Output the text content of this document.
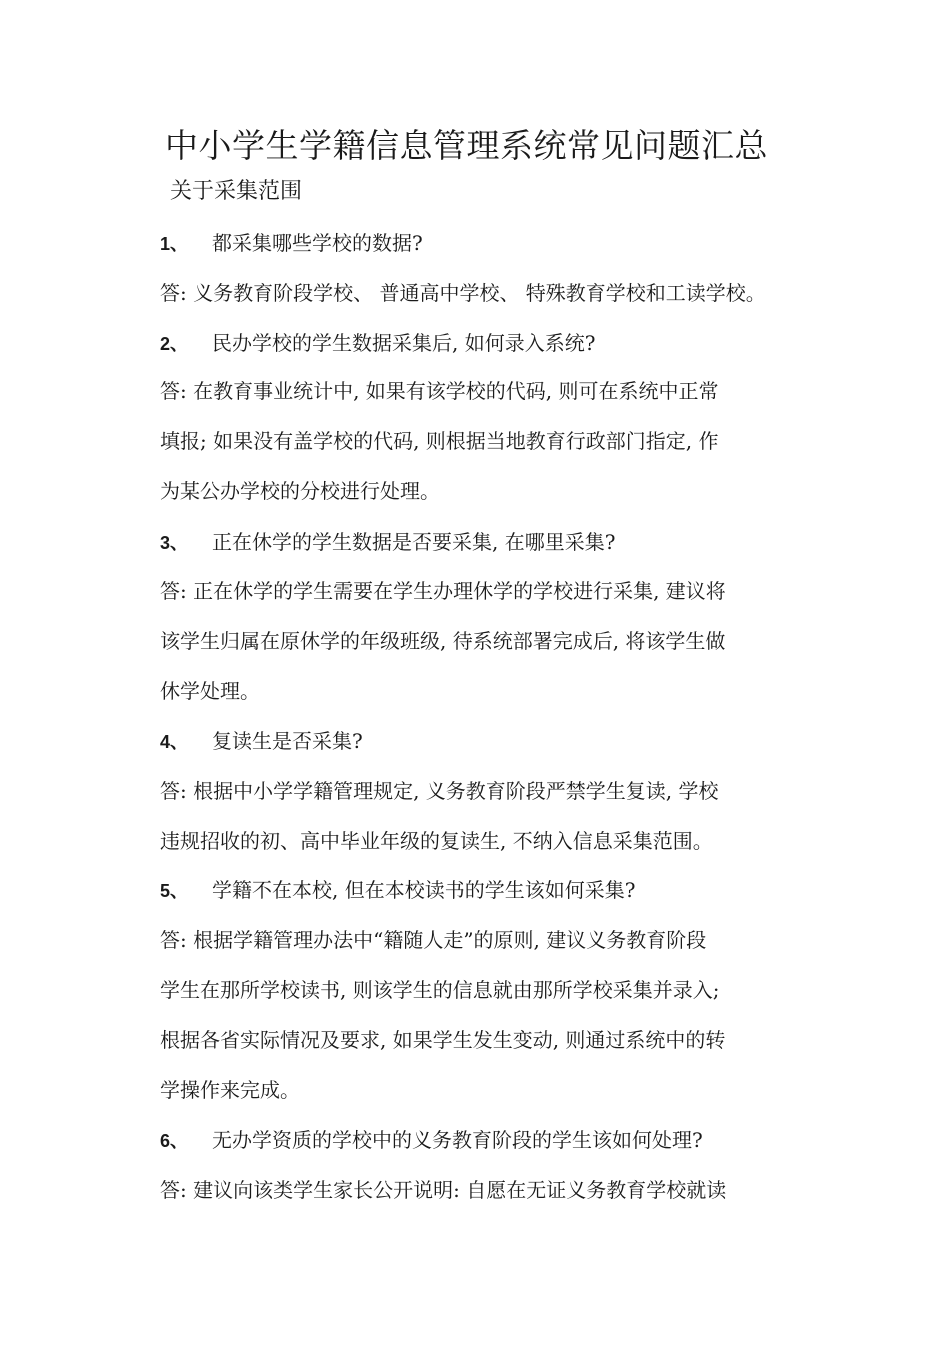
中小学生学籍信息管理系统常见问题汇总
关于采集范围
1、 都采集哪些学校的数据?
答: 义务教育阶段学校、 普通高中学校、 特殊教育学校和工读学校。
2、 民办学校的学生数据采集后, 如何录入系统?
答: 在教育事业统计中, 如果有该学校的代码, 则可在系统中正常
填报; 如果没有盖学校的代码, 则根据当地教育行政部门指定, 作
为某公办学校的分校进行处理。
3、 正在休学的学生数据是否要采集, 在哪里采集?
答: 正在休学的学生需要在学生办理休学的学校进行采集, 建议将
该学生归属在原休学的年级班级, 待系统部署完成后, 将该学生做
休学处理。
4、 复读生是否采集?
答: 根据中小学学籍管理规定, 义务教育阶段严禁学生复读, 学校
违规招收的初、高中毕业年级的复读生, 不纳入信息采集范围。
5、 学籍不在本校, 但在本校读书的学生该如何采集?
答: 根据学籍管理办法中“籍随人走”的原则, 建议义务教育阶段
学生在那所学校读书, 则该学生的信息就由那所学校采集并录入;
根据各省实际情况及要求, 如果学生发生变动, 则通过系统中的转
学操作来完成。
6、 无办学资质的学校中的义务教育阶段的学生该如何处理?
答: 建议向该类学生家长公开说明: 自愿在无证义务教育学校就读
